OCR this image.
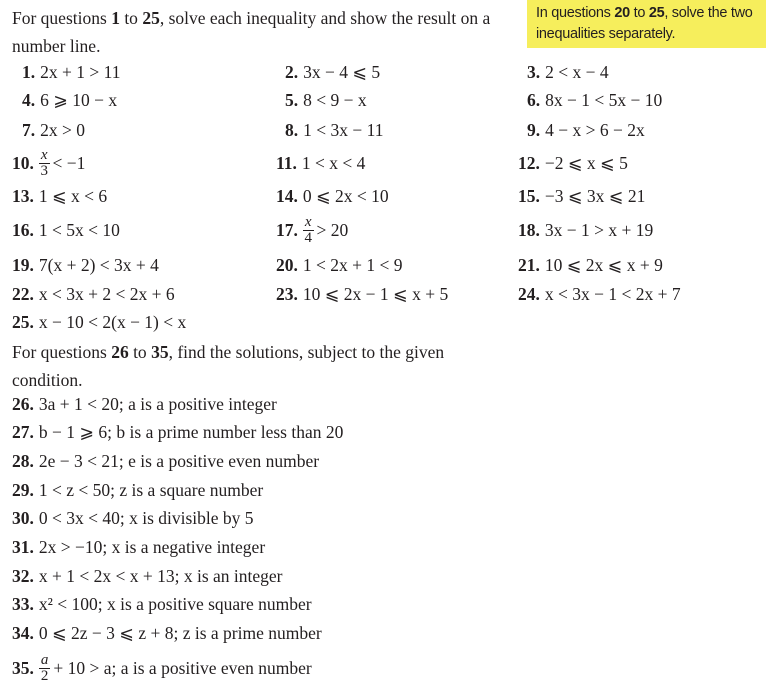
For questions 1 to 25, solve each inequality and show the result on a number line.
In questions 20 to 25, solve the two inequalities separately.
For questions 26 to 35, find the solutions, subject to the given condition.
1. 2x + 1 > 11	2. 3x − 4 ⩽ 5	3. 2 < x − 4
4. 6 ⩾ 10 − x	5. 8 < 9 − x	6. 8x − 1 < 5x − 10
7. 2x > 0	8. 1 < 3x − 11	9. 4 − x > 6 − 2x
10. $\frac{x}{3} < -1$	11. 1 < x < 4	12. −2 ⩽ x ⩽ 5
13. 1 ⩽ x < 6	14. 0 ⩽ 2x < 10	15. −3 ⩽ 3x ⩽ 21
16. 1 < 5x < 10	17. $\frac{x}{4} > 20$	18. 3x − 1 > x + 19
19. 7(x + 2) < 3x + 4	20. 1 < 2x + 1 < 9	21. 10 ⩽ 2x ⩽ x + 9
22. x < 3x + 2 < 2x + 6	23. 10 ⩽ 2x − 1 ⩽ x + 5	24. x < 3x − 1 < 2x + 7
25. x − 10 < 2(x − 1) < x
26. 3a + 1 < 20; a is a positive integer
27. b − 1 ⩾ 6; b is a prime number less than 20
28. 2e − 3 < 21; e is a positive even number
29. 1 < z < 50; z is a square number
30. 0 < 3x < 40; x is divisible by 5
31. 2x > −10; x is a negative integer
32. x + 1 < 2x < x + 13; x is an integer
33. x² < 100; x is a positive square number
34. 0 ⩽ 2z − 3 ⩽ z + 8; z is a prime number
35. $\frac{a}{2} + 10 > a$; a is a positive even number
